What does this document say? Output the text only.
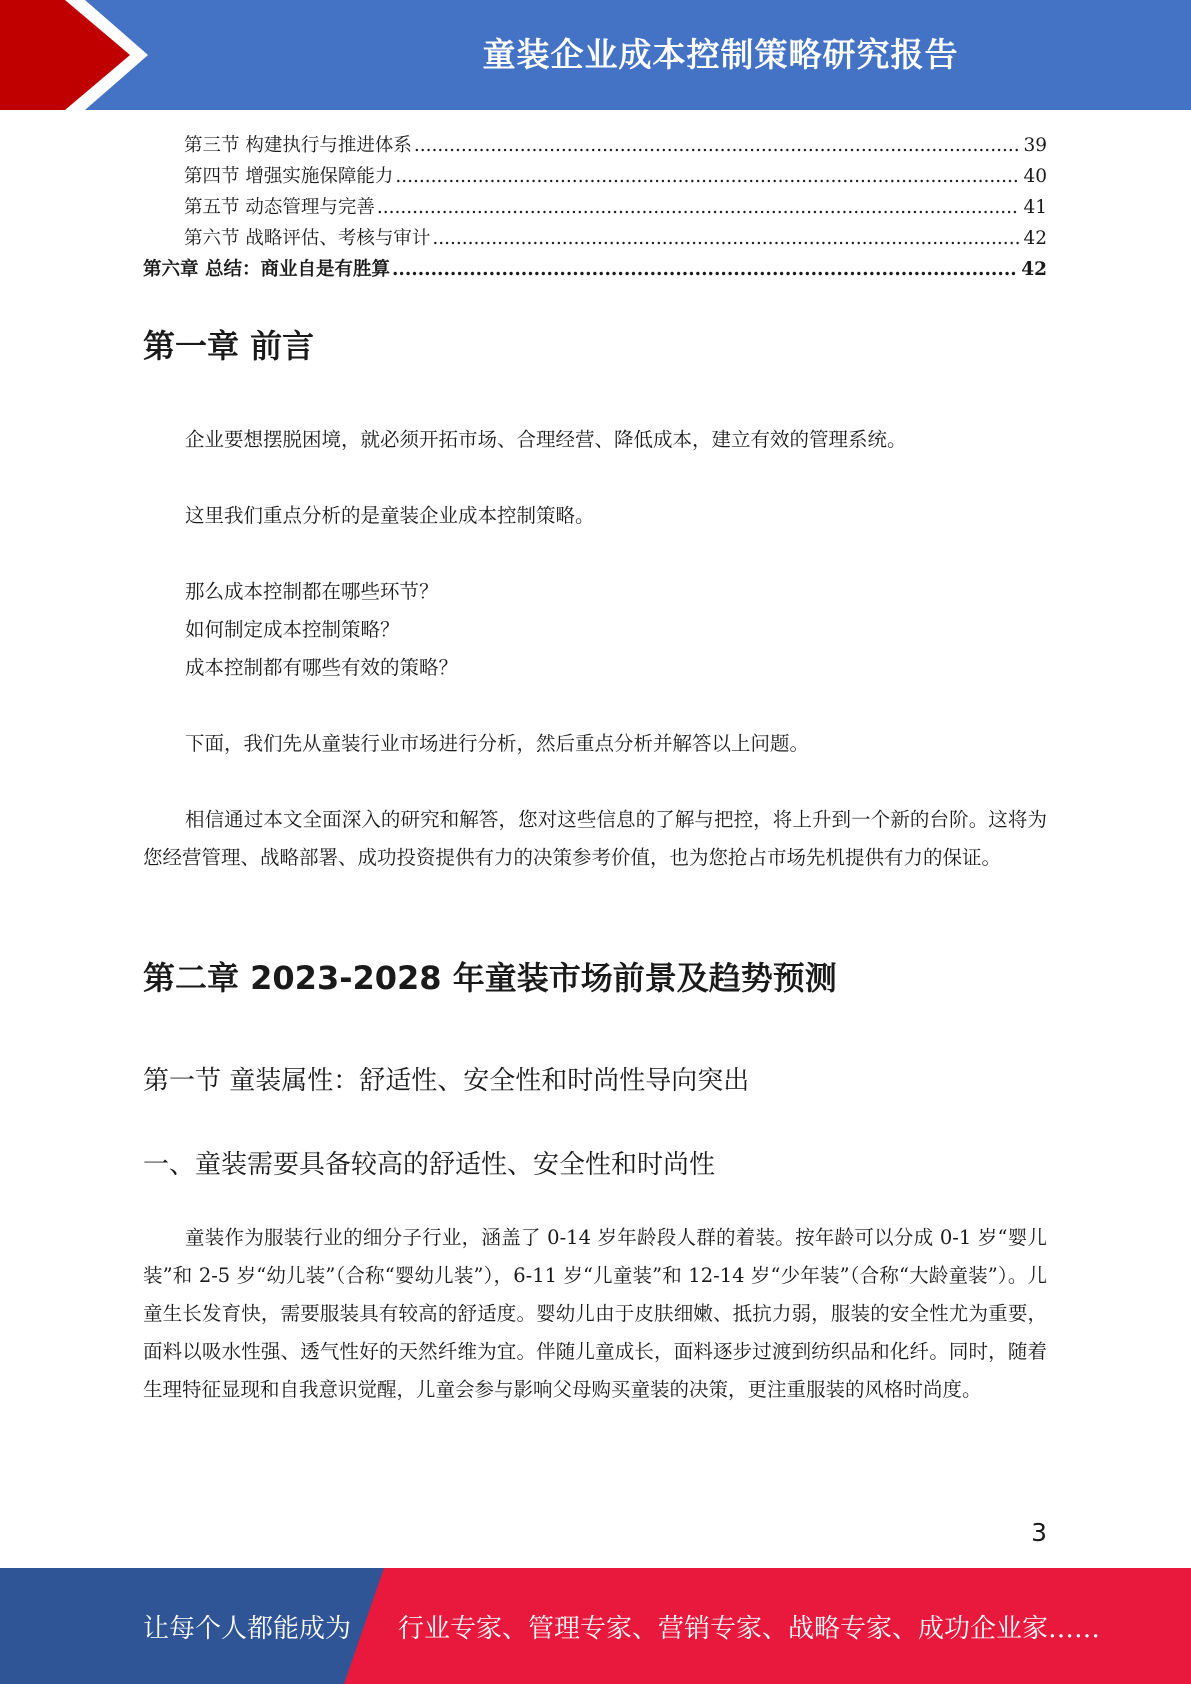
童装企业成本控制策略研究报告
第三节 构建执行与推进体系 .....	39
第四节 增强实施保障能力 .....	40
第五节 动态管理与完善 .....	41
第六节 战略评估、考核与审计 .....	42
第六章 总结：商业自是有胜算 .....	42
第一章 前言

企业要想摆脱困境，就必须开拓市场、合理经营、降低成本，建立有效的管理系统。

这里我们重点分析的是童装企业成本控制策略。

那么成本控制都在哪些环节？

如何制定成本控制策略？

成本控制都有哪些有效的策略？

下面，我们先从童装行业市场进行分析，然后重点分析并解答以上问题。

相信通过本文全面深入的研究和解答，您对这些信息的了解与把控，将上升到一个新的台阶。这将为您经营管理、战略部署、成功投资提供有力的决策参考价值，也为您抢占市场先机提供有力的保证。

第二章 2023-2028 年童装市场前景及趋势预测
第一节 童装属性：舒适性、安全性和时尚性导向突出
一、童装需要具备较高的舒适性、安全性和时尚性

童装作为服装行业的细分子行业，涵盖了 0-14 岁年龄段人群的着装。按年龄可以分成 0-1 岁“婴儿装”和 2-5 岁“幼儿装”（合称“婴幼儿装”），6-11 岁“儿童装”和 12-14 岁“少年装”（合称“大龄童装”）。儿童生长发育快，需要服装具有较高的舒适度。婴幼儿由于皮肤细嫩、抵抗力弱，服装的安全性尤为重要，面料以吸水性强、透气性好的天然纤维为宜。伴随儿童成长，面料逐步过渡到纺织品和化纤。同时，随着生理特征显现和自我意识觉醒，儿童会参与影响父母购买童装的决策，更注重服装的风格时尚度。

3
让每个人都能成为 行业专家、管理专家、营销专家、战略专家、成功企业家……
